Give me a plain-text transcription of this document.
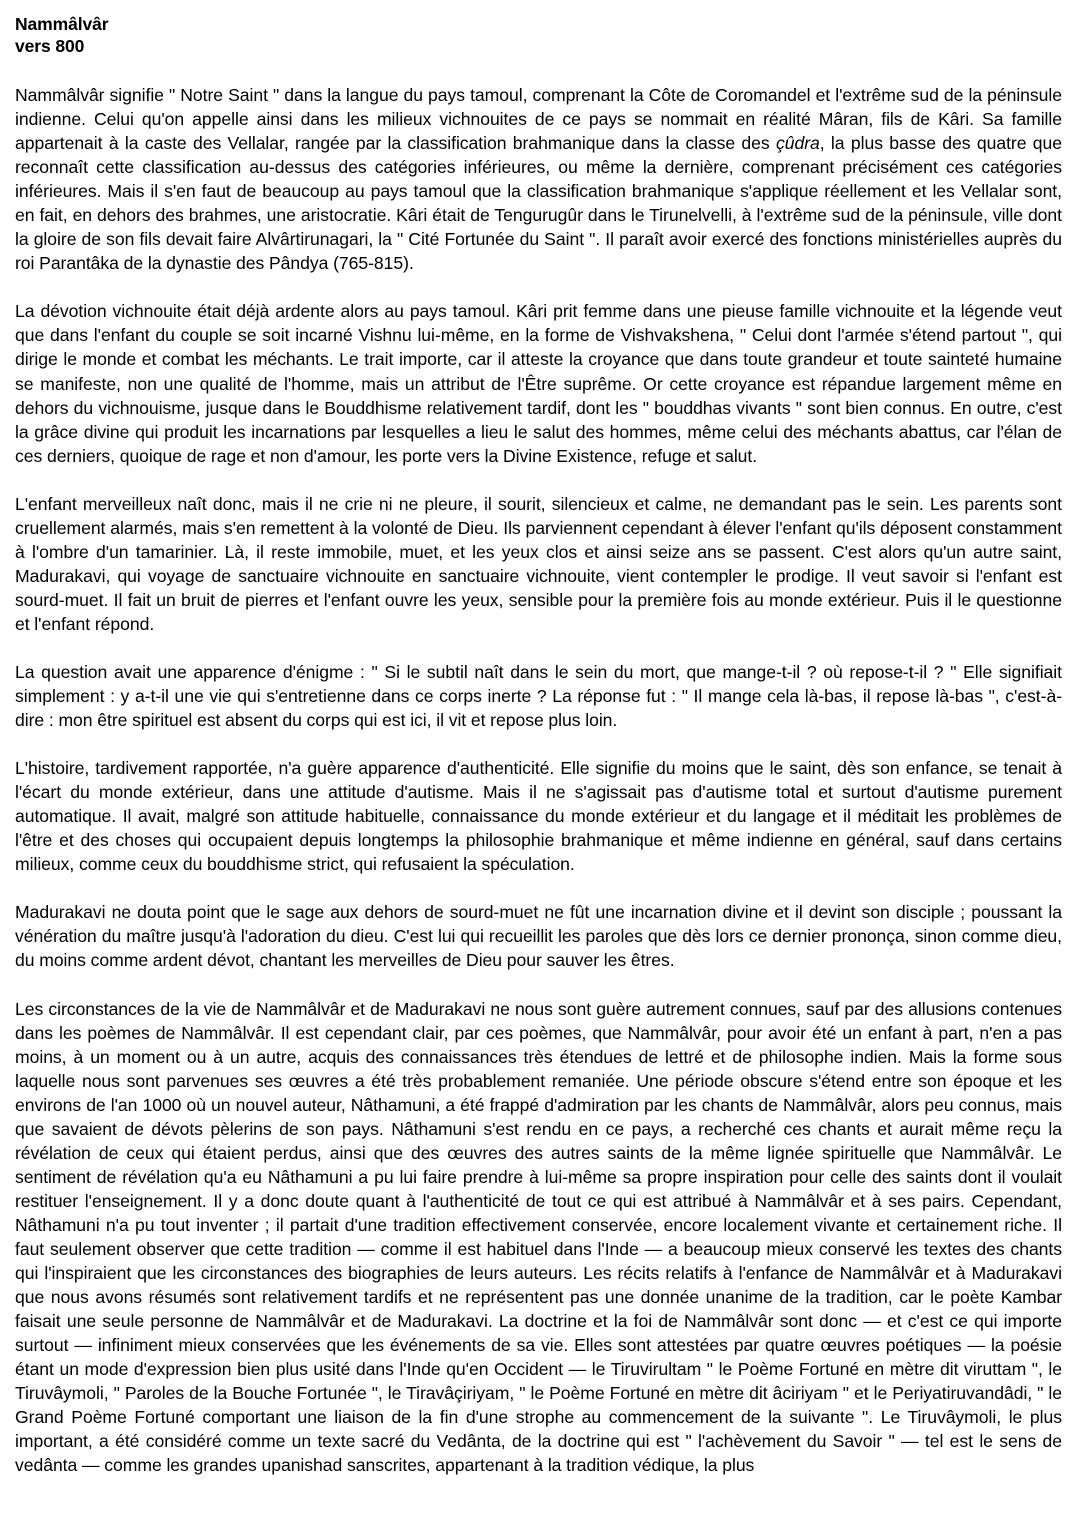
Nammâlvâr
vers 800

Nammâlvâr signifie " Notre Saint " dans la langue du pays tamoul, comprenant la Côte de Coromandel et l'extrême sud de la péninsule indienne. Celui qu'on appelle ainsi dans les milieux vichnouites de ce pays se nommait en réalité Mâran, fils de Kâri. Sa famille appartenait à la caste des Vellalar, rangée par la classification brahmanique dans la classe des çûdra, la plus basse des quatre que reconnaît cette classification au-dessus des catégories inférieures, ou même la dernière, comprenant précisément ces catégories inférieures. Mais il s'en faut de beaucoup au pays tamoul que la classification brahmanique s'applique réellement et les Vellalar sont, en fait, en dehors des brahmes, une aristocratie. Kâri était de Tengurugûr dans le Tirunelvelli, à l'extrême sud de la péninsule, ville dont la gloire de son fils devait faire Alvârtirunagari, la " Cité Fortunée du Saint ". Il paraît avoir exercé des fonctions ministérielles auprès du roi Parantâka de la dynastie des Pândya (765-815).

La dévotion vichnouite était déjà ardente alors au pays tamoul. Kâri prit femme dans une pieuse famille vichnouite et la légende veut que dans l'enfant du couple se soit incarné Vishnu lui-même, en la forme de Vishvakshena, " Celui dont l'armée s'étend partout ", qui dirige le monde et combat les méchants. Le trait importe, car il atteste la croyance que dans toute grandeur et toute sainteté humaine se manifeste, non une qualité de l'homme, mais un attribut de l'Être suprême. Or cette croyance est répandue largement même en dehors du vichnouisme, jusque dans le Bouddhisme relativement tardif, dont les " bouddhas vivants " sont bien connus. En outre, c'est la grâce divine qui produit les incarnations par lesquelles a lieu le salut des hommes, même celui des méchants abattus, car l'élan de ces derniers, quoique de rage et non d'amour, les porte vers la Divine Existence, refuge et salut.

L'enfant merveilleux naît donc, mais il ne crie ni ne pleure, il sourit, silencieux et calme, ne demandant pas le sein. Les parents sont cruellement alarmés, mais s'en remettent à la volonté de Dieu. Ils parviennent cependant à élever l'enfant qu'ils déposent constamment à l'ombre d'un tamarinier. Là, il reste immobile, muet, et les yeux clos et ainsi seize ans se passent. C'est alors qu'un autre saint, Madurakavi, qui voyage de sanctuaire vichnouite en sanctuaire vichnouite, vient contempler le prodige. Il veut savoir si l'enfant est sourd-muet. Il fait un bruit de pierres et l'enfant ouvre les yeux, sensible pour la première fois au monde extérieur. Puis il le questionne et l'enfant répond.

La question avait une apparence d'énigme : " Si le subtil naît dans le sein du mort, que mange-t-il ? où repose-t-il ? " Elle signifiait simplement : y a-t-il une vie qui s'entretienne dans ce corps inerte ? La réponse fut : " Il mange cela là-bas, il repose là-bas ", c'est-à-dire : mon être spirituel est absent du corps qui est ici, il vit et repose plus loin.

L'histoire, tardivement rapportée, n'a guère apparence d'authenticité. Elle signifie du moins que le saint, dès son enfance, se tenait à l'écart du monde extérieur, dans une attitude d'autisme. Mais il ne s'agissait pas d'autisme total et surtout d'autisme purement automatique. Il avait, malgré son attitude habituelle, connaissance du monde extérieur et du langage et il méditait les problèmes de l'être et des choses qui occupaient depuis longtemps la philosophie brahmanique et même indienne en général, sauf dans certains milieux, comme ceux du bouddhisme strict, qui refusaient la spéculation.

Madurakavi ne douta point que le sage aux dehors de sourd-muet ne fût une incarnation divine et il devint son disciple ; poussant la vénération du maître jusqu'à l'adoration du dieu. C'est lui qui recueillit les paroles que dès lors ce dernier prononça, sinon comme dieu, du moins comme ardent dévot, chantant les merveilles de Dieu pour sauver les êtres.

Les circonstances de la vie de Nammâlvâr et de Madurakavi ne nous sont guère autrement connues, sauf par des allusions contenues dans les poèmes de Nammâlvâr. Il est cependant clair, par ces poèmes, que Nammâlvâr, pour avoir été un enfant à part, n'en a pas moins, à un moment ou à un autre, acquis des connaissances très étendues de lettré et de philosophe indien. Mais la forme sous laquelle nous sont parvenues ses œuvres a été très probablement remaniée. Une période obscure s'étend entre son époque et les environs de l'an 1000 où un nouvel auteur, Nâthamuni, a été frappé d'admiration par les chants de Nammâlvâr, alors peu connus, mais que savaient de dévots pèlerins de son pays. Nâthamuni s'est rendu en ce pays, a recherché ces chants et aurait même reçu la révélation de ceux qui étaient perdus, ainsi que des œuvres des autres saints de la même lignée spirituelle que Nammâlvâr. Le sentiment de révélation qu'a eu Nâthamuni a pu lui faire prendre à lui-même sa propre inspiration pour celle des saints dont il voulait restituer l'enseignement. Il y a donc doute quant à l'authenticité de tout ce qui est attribué à Nammâlvâr et à ses pairs. Cependant, Nâthamuni n'a pu tout inventer ; il partait d'une tradition effectivement conservée, encore localement vivante et certainement riche. Il faut seulement observer que cette tradition — comme il est habituel dans l'Inde — a beaucoup mieux conservé les textes des chants qui l'inspiraient que les circonstances des biographies de leurs auteurs. Les récits relatifs à l'enfance de Nammâlvâr et à Madurakavi que nous avons résumés sont relativement tardifs et ne représentent pas une donnée unanime de la tradition, car le poète Kambar faisait une seule personne de Nammâlvâr et de Madurakavi. La doctrine et la foi de Nammâlvâr sont donc — et c'est ce qui importe surtout — infiniment mieux conservées que les événements de sa vie. Elles sont attestées par quatre œuvres poétiques — la poésie étant un mode d'expression bien plus usité dans l'Inde qu'en Occident — le Tiruvirultam " le Poème Fortuné en mètre dit viruttam ", le Tiruvâymoli, " Paroles de la Bouche Fortunée ", le Tiravâçiriyam, " le Poème Fortuné en mètre dit âciriyam " et le Periyatiruvandâdi, " le Grand Poème Fortuné comportant une liaison de la fin d'une strophe au commencement de la suivante ". Le Tiruvâymoli, le plus important, a été considéré comme un texte sacré du Vedânta, de la doctrine qui est " l'achèvement du Savoir " — tel est le sens de vedânta — comme les grandes upanishad sanscrites, appartenant à la tradition védique, la plus
